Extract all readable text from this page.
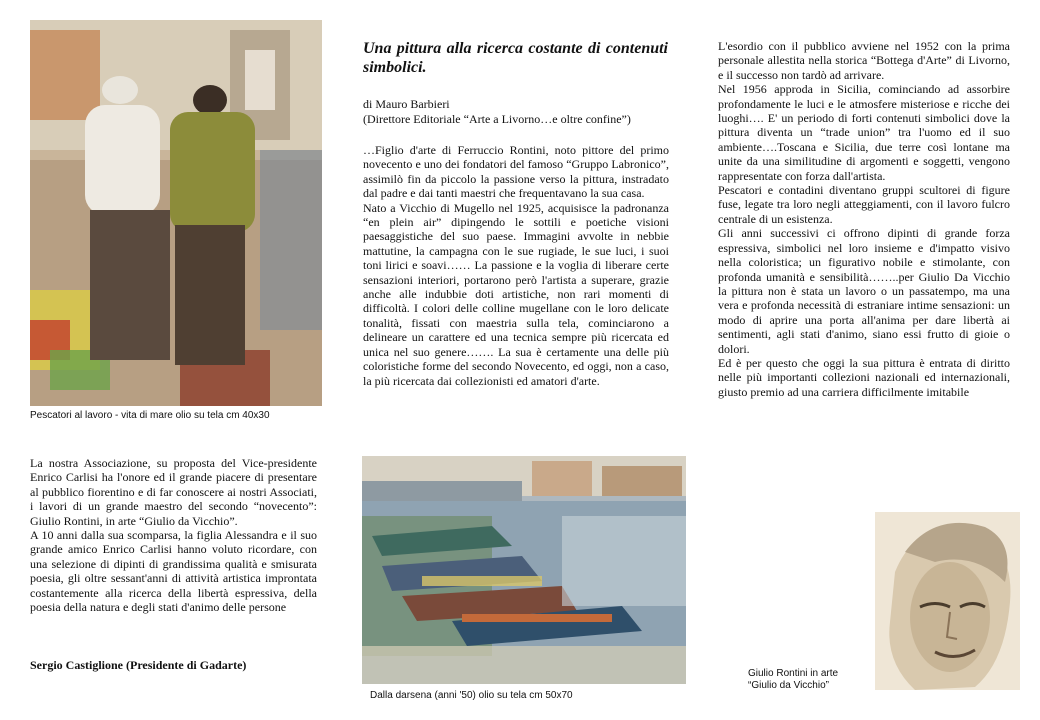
Pescatori al lavoro - vita di mare olio su tela cm 40x30
Una pittura alla ricerca costante di contenuti simbolici.
di Mauro Barbieri
(Direttore Editoriale “Arte a Livorno…e oltre confine”)

…Figlio d'arte di Ferruccio Rontini, noto pittore del primo novecento e uno dei fondatori del famoso “Gruppo Labronico”, assimilò fin da piccolo la passione verso la pittura, instradato dal padre e dai tanti maestri che frequentavano la sua casa.

Nato a Vicchio di Mugello nel 1925, acquisisce la padronanza “en plein air” dipingendo le sottili e poetiche visioni paesaggistiche del suo paese. Immagini avvolte in nebbie mattutine, la campagna con le sue rugiade, le sue luci, i suoi toni lirici e soavi…… La passione e la voglia di liberare certe sensazioni interiori, portarono però l'artista a superare, grazie anche alle indubbie doti artistiche, non rari momenti di difficoltà. I colori delle colline mugellane con le loro delicate tonalità, fissati con maestria sulla tela, cominciarono a delineare un carattere ed una tecnica sempre più ricercata ed unica nel suo genere……. La sua è certamente una delle più coloristiche forme del secondo Novecento, ed oggi, non a caso, la più ricercata dai collezionisti ed amatori d'arte.

L'esordio con il pubblico avviene nel 1952 con la prima personale allestita nella storica “Bottega d'Arte” di Livorno, e il successo non tardò ad arrivare.

Nel 1956 approda in Sicilia, cominciando ad assorbire profondamente le luci e le atmosfere misteriose e ricche dei luoghi…. E' un periodo di forti contenuti simbolici dove la pittura diventa un “trade union” tra l'uomo ed il suo ambiente….Toscana e Sicilia, due terre così lontane ma unite da una similitudine di argomenti e soggetti, vengono rappresentate con forza dall'artista.

Pescatori e contadini diventano gruppi scultorei di figure fuse, legate tra loro negli atteggiamenti, con il lavoro fulcro centrale di un esistenza.

Gli anni successivi ci offrono dipinti di grande forza espressiva, simbolici nel loro insieme e d'impatto visivo nella coloristica; un figurativo nobile e stimolante, con profonda umanità e sensibilità……..per Giulio Da Vicchio la pittura non è stata un lavoro o un passatempo, ma una vera e profonda necessità di estraniare intime sensazioni: un modo di aprire una porta all'anima per dare libertà ai sentimenti, agli stati d'animo, siano essi frutto di gioie o dolori.

Ed è per questo che oggi la sua pittura è entrata di diritto nelle più importanti collezioni nazionali ed internazionali, giusto premio ad una carriera difficilmente imitabile

La nostra Associazione, su proposta del Vice-presidente Enrico Carlisi ha l'onore ed il grande piacere di presentare al pubblico fiorentino e di far conoscere ai nostri Associati, i lavori di un grande maestro del secondo “novecento”: Giulio Rontini, in arte “Giulio da Vicchio”.

A 10 anni dalla sua scomparsa, la figlia Alessandra e il suo grande amico Enrico Carlisi hanno voluto ricordare, con una selezione di dipinti di grandissima qualità e smisurata poesia, gli oltre sessant'anni di attività artistica improntata costantemente alla ricerca della libertà espressiva, della poesia della natura e degli stati d'animo delle persone

Sergio Castiglione (Presidente di Gadarte)
Dalla darsena (anni '50) olio su tela cm 50x70
Giulio Rontini in arte
“Giulio da Vicchio”
